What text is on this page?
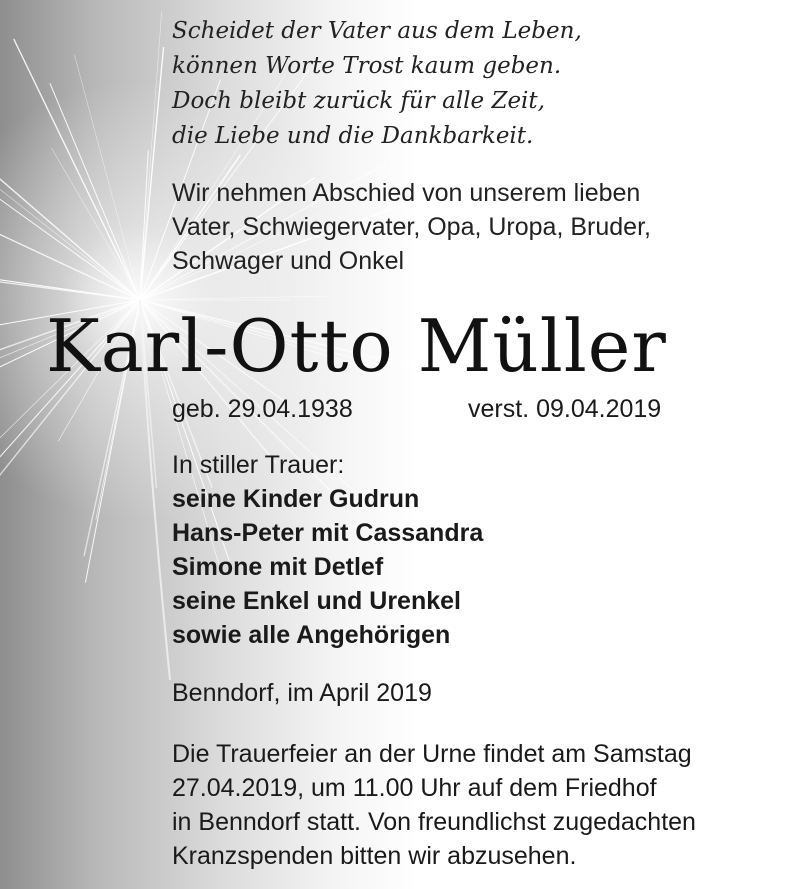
Scheidet der Vater aus dem Leben,
können Worte Trost kaum geben.
Doch bleibt zurück für alle Zeit,
die Liebe und die Dankbarkeit.
Wir nehmen Abschied von unserem lieben
Vater, Schwiegervater, Opa, Uropa, Bruder,
Schwager und Onkel
Karl-Otto Müller
geb. 29.04.1938	verst. 09.04.2019
In stiller Trauer:
seine Kinder Gudrun
Hans-Peter mit Cassandra
Simone mit Detlef
seine Enkel und Urenkel
sowie alle Angehörigen
Benndorf, im April 2019
Die Trauerfeier an der Urne findet am Samstag
27.04.2019, um 11.00 Uhr auf dem Friedhof
in Benndorf statt. Von freundlichst zugedachten
Kranzspenden bitten wir abzusehen.
